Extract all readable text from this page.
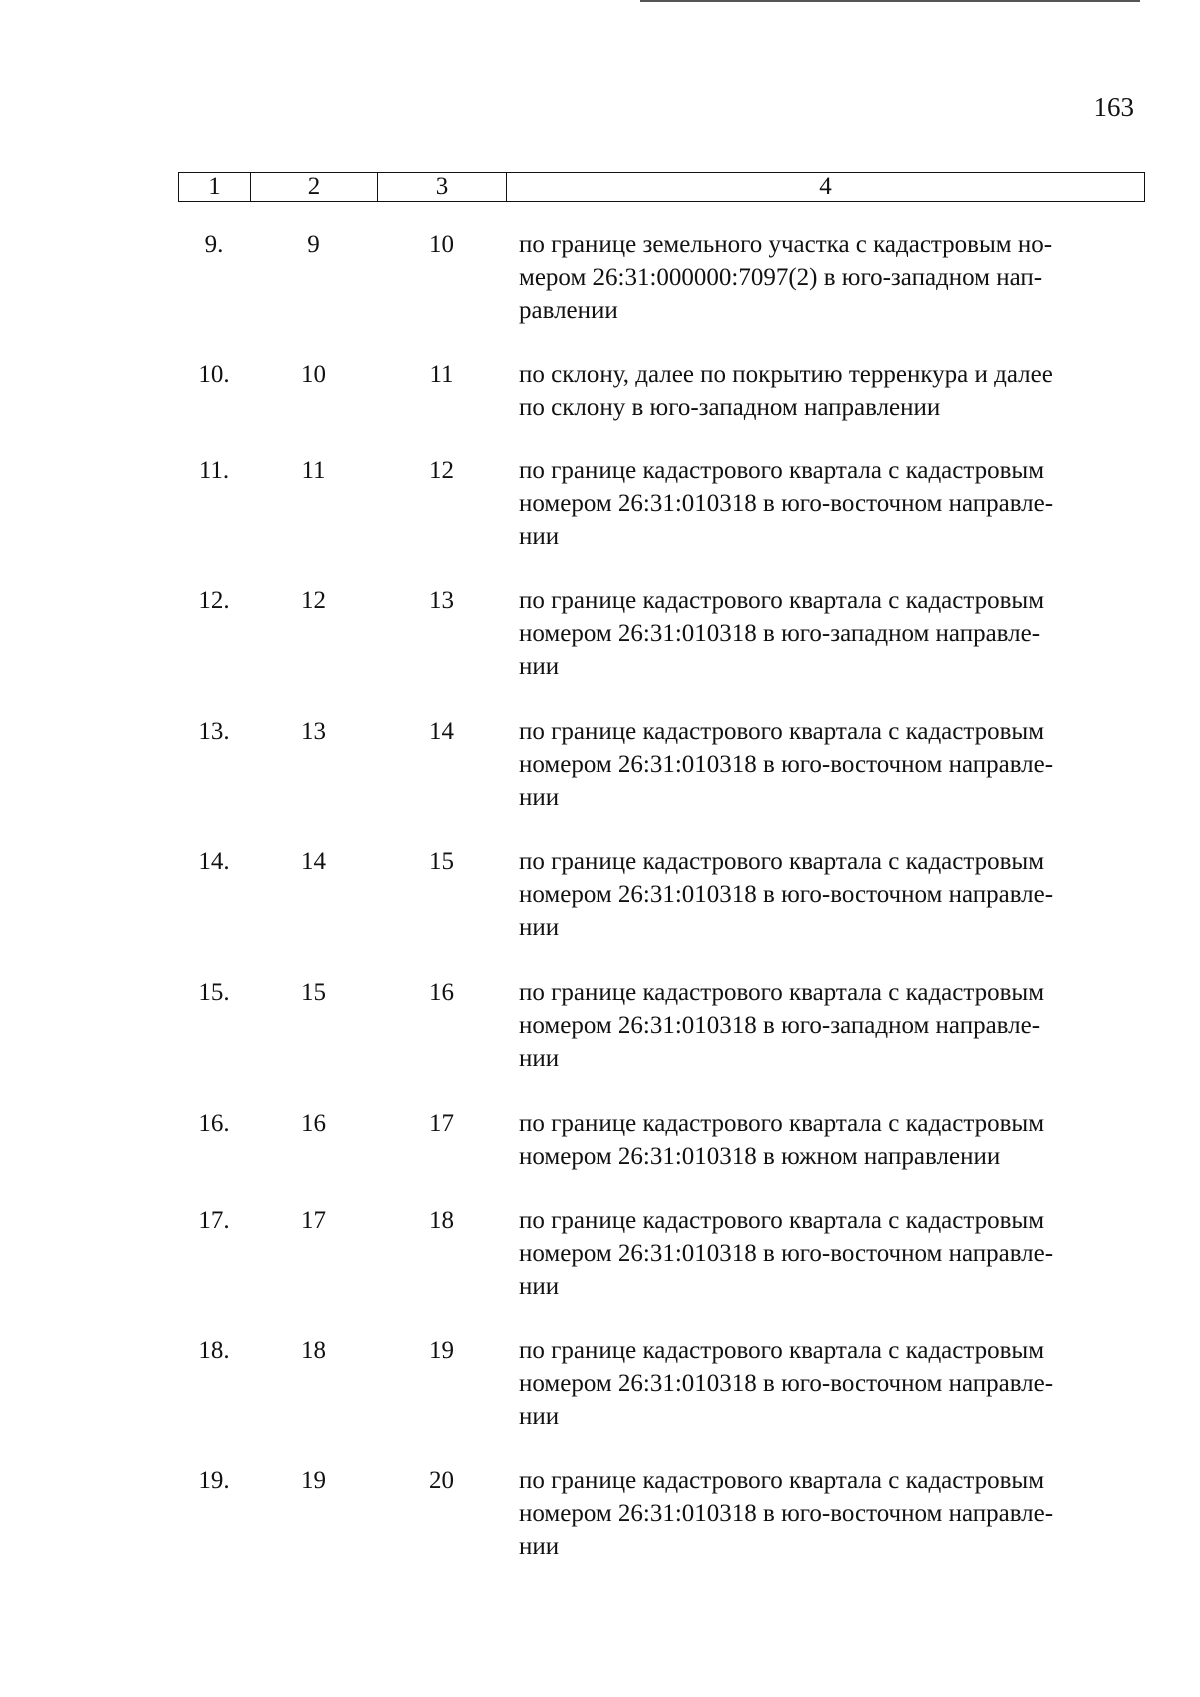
163
1	2	3	4
9.	9	10	по границе земельного участка с кадастровым но-
мером 26:31:000000:7097(2) в юго-западном нап-
равлении
10.	10	11	по склону, далее по покрытию терренкура и далее
по склону в юго-западном направлении
11.	11	12	по границе кадастрового квартала с кадастровым
номером 26:31:010318 в юго-восточном направле-
нии
12.	12	13	по границе кадастрового квартала с кадастровым
номером 26:31:010318 в юго-западном направле-
нии
13.	13	14	по границе кадастрового квартала с кадастровым
номером 26:31:010318 в юго-восточном направле-
нии
14.	14	15	по границе кадастрового квартала с кадастровым
номером 26:31:010318 в юго-восточном направле-
нии
15.	15	16	по границе кадастрового квартала с кадастровым
номером 26:31:010318 в юго-западном направле-
нии
16.	16	17	по границе кадастрового квартала с кадастровым
номером 26:31:010318 в южном направлении
17.	17	18	по границе кадастрового квартала с кадастровым
номером 26:31:010318 в юго-восточном направле-
нии
18.	18	19	по границе кадастрового квартала с кадастровым
номером 26:31:010318 в юго-восточном направле-
нии
19.	19	20	по границе кадастрового квартала с кадастровым
номером 26:31:010318 в юго-восточном направле-
нии
